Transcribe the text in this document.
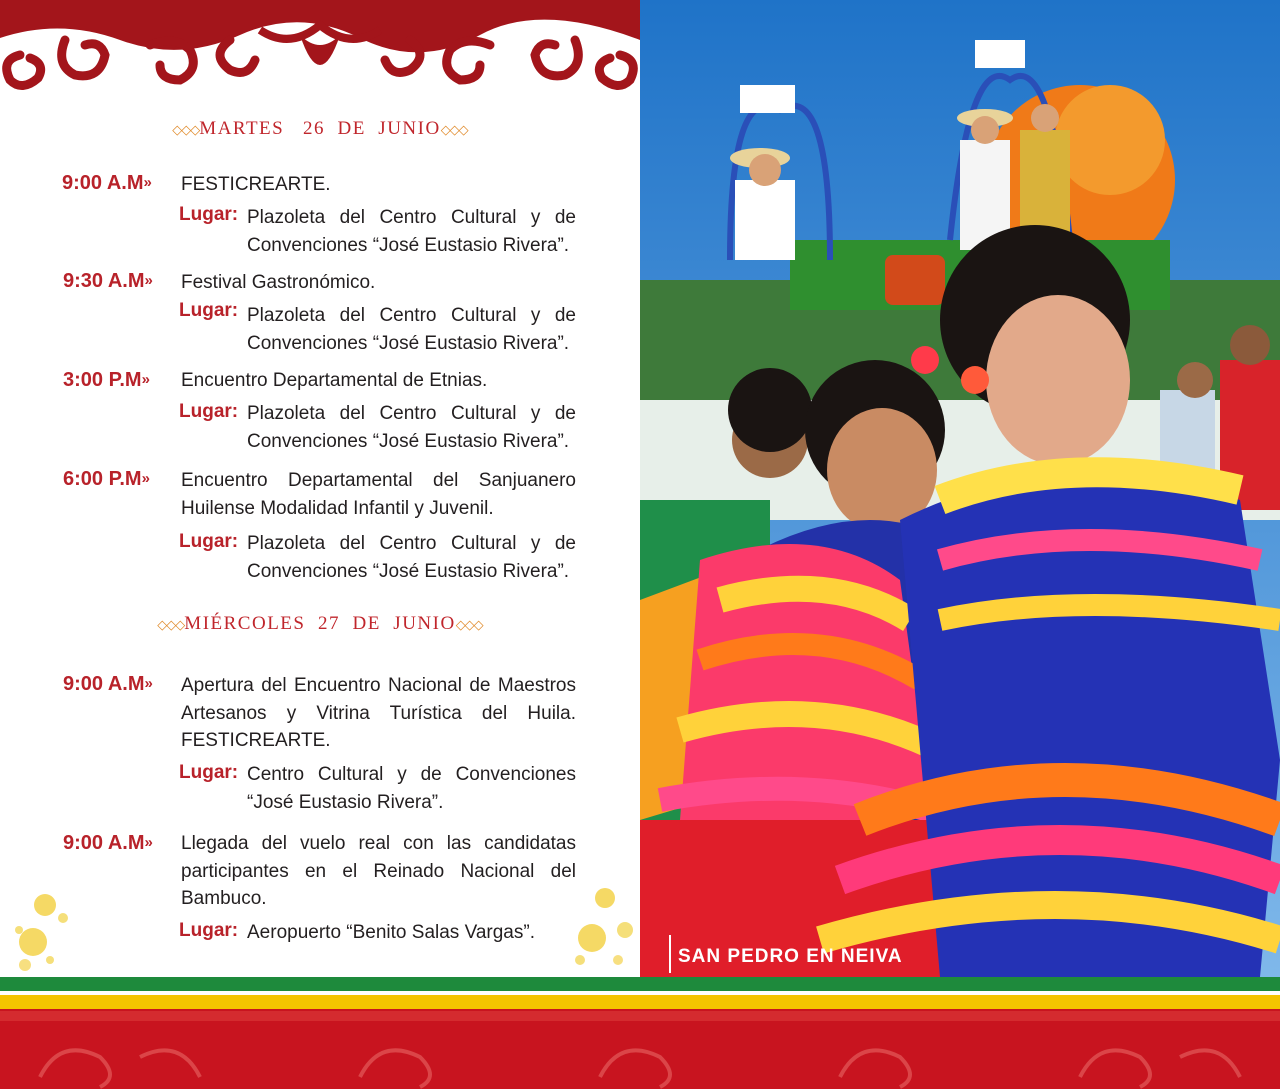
◇◇◇MARTES   26  DE  JUNIO◇◇◇
9:00 A.M» FESTICREARTE.
Lugar: Plazoleta del Centro Cultural y de Convenciones “José Eustasio Rivera”.
9:30 A.M» Festival Gastronómico.
Lugar: Plazoleta del Centro Cultural y de Convenciones “José Eustasio Rivera”.
3:00 P.M» Encuentro Departamental de Etnias.
Lugar: Plazoleta del Centro Cultural y de Convenciones “José Eustasio Rivera”.
6:00 P.M» Encuentro Departamental del Sanjuanero Huilense Modalidad Infantil y Juvenil.
Lugar: Plazoleta del Centro Cultural y de Convenciones “José Eustasio Rivera”.
◇◇◇MIÉRCOLES  27  DE  JUNIO◇◇◇
9:00 A.M» Apertura del Encuentro Nacional de Maestros Artesanos y Vitrina Turística del Huila. FESTICREARTE.
Lugar: Centro Cultural y de Convenciones “José Eustasio Rivera”.
9:00 A.M» Llegada del vuelo real con las candidatas participantes en el Reinado Nacional del Bambuco.
Lugar: Aeropuerto “Benito Salas Vargas”.
SAN PEDRO EN NEIVA
